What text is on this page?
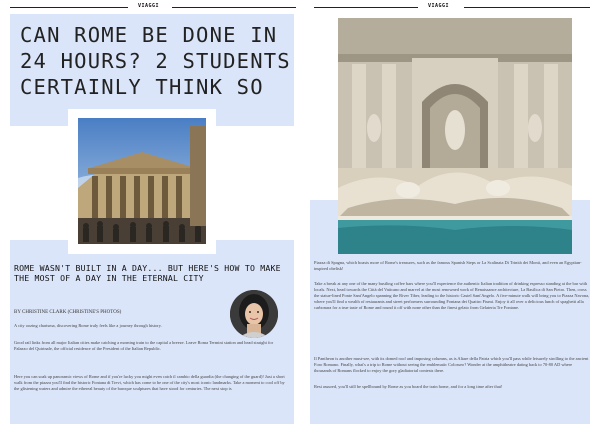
VIAGGI
CAN ROME BE DONE IN 24 HOURS? 2 STUDENTS CERTAINLY THINK SO
ROME WASN'T BUILT IN A DAY... BUT HERE'S HOW TO MAKE THE MOST OF A DAY IN THE ETERNAL CITY
BY CHRISTINE CLARK (CHRISTINE'S PHOTOS)

A city oozing charisma, discovering Rome truly feels like a journey through history.

Good rail links from all major Italian cities make catching a morning train to the capital a breeze. Leave Roma Termini station and head straight for Palazzo del Quirinale, the official residence of the President of the Italian Republic.

Here you can soak up panoramic views of Rome and if you're lucky you might even catch il cambio della guardia (the changing of the guard)! Just a short walk from the piazza you'll find the historic Fontana di Trevi, which has come to be one of the city's most iconic landmarks. Take a moment to cool off by the glistening waters and admire the ethereal beauty of the baroque sculptures that have stood for centuries. The next stop is

VIAGGI

Piazza di Spagna, which boasts more of Rome's treasures, such as the famous Spanish Steps or La Scalinata Di Trinità dei Monti, and even an Egyptian-inspired obelisk!

Take a break at any one of the many bustling coffee bars where you'll experience the authentic Italian tradition of drinking espresso standing at the bar with locals. Next, head towards the Città del Vaticano and marvel at the most renowned work of Renaissance architecture, La Basilica di San Pietro. Then, cross the statue-lined Ponte Sant'Angelo spanning the River Tiber, leading to the historic Castel Sant'Angelo. A five-minute walk will bring you to Piazza Navona, where you'll find a wealth of restaurants and street performers surrounding Fontana dei Quattro Fiumi. Enjoy it all over a delicious lunch of spaghetti alla carbonara for a true taste of Rome and round it off with none other than the finest gelato from Gelateria Tre Fontane.

Il Pantheon is another must-see, with its domed roof and imposing columns, as is Altare della Patria which you'll pass while leisurely strolling to the ancient Foro Romano. Finally, what's a trip to Rome without seeing the emblematic Colosseo? Wonder at the amphitheatre dating back to 70-80 AD where thousands of Romans flocked to enjoy the gory gladiatorial contests there.

Rest assured, you'll still be spellbound by Rome as you board the train home, and for a long time after that!
